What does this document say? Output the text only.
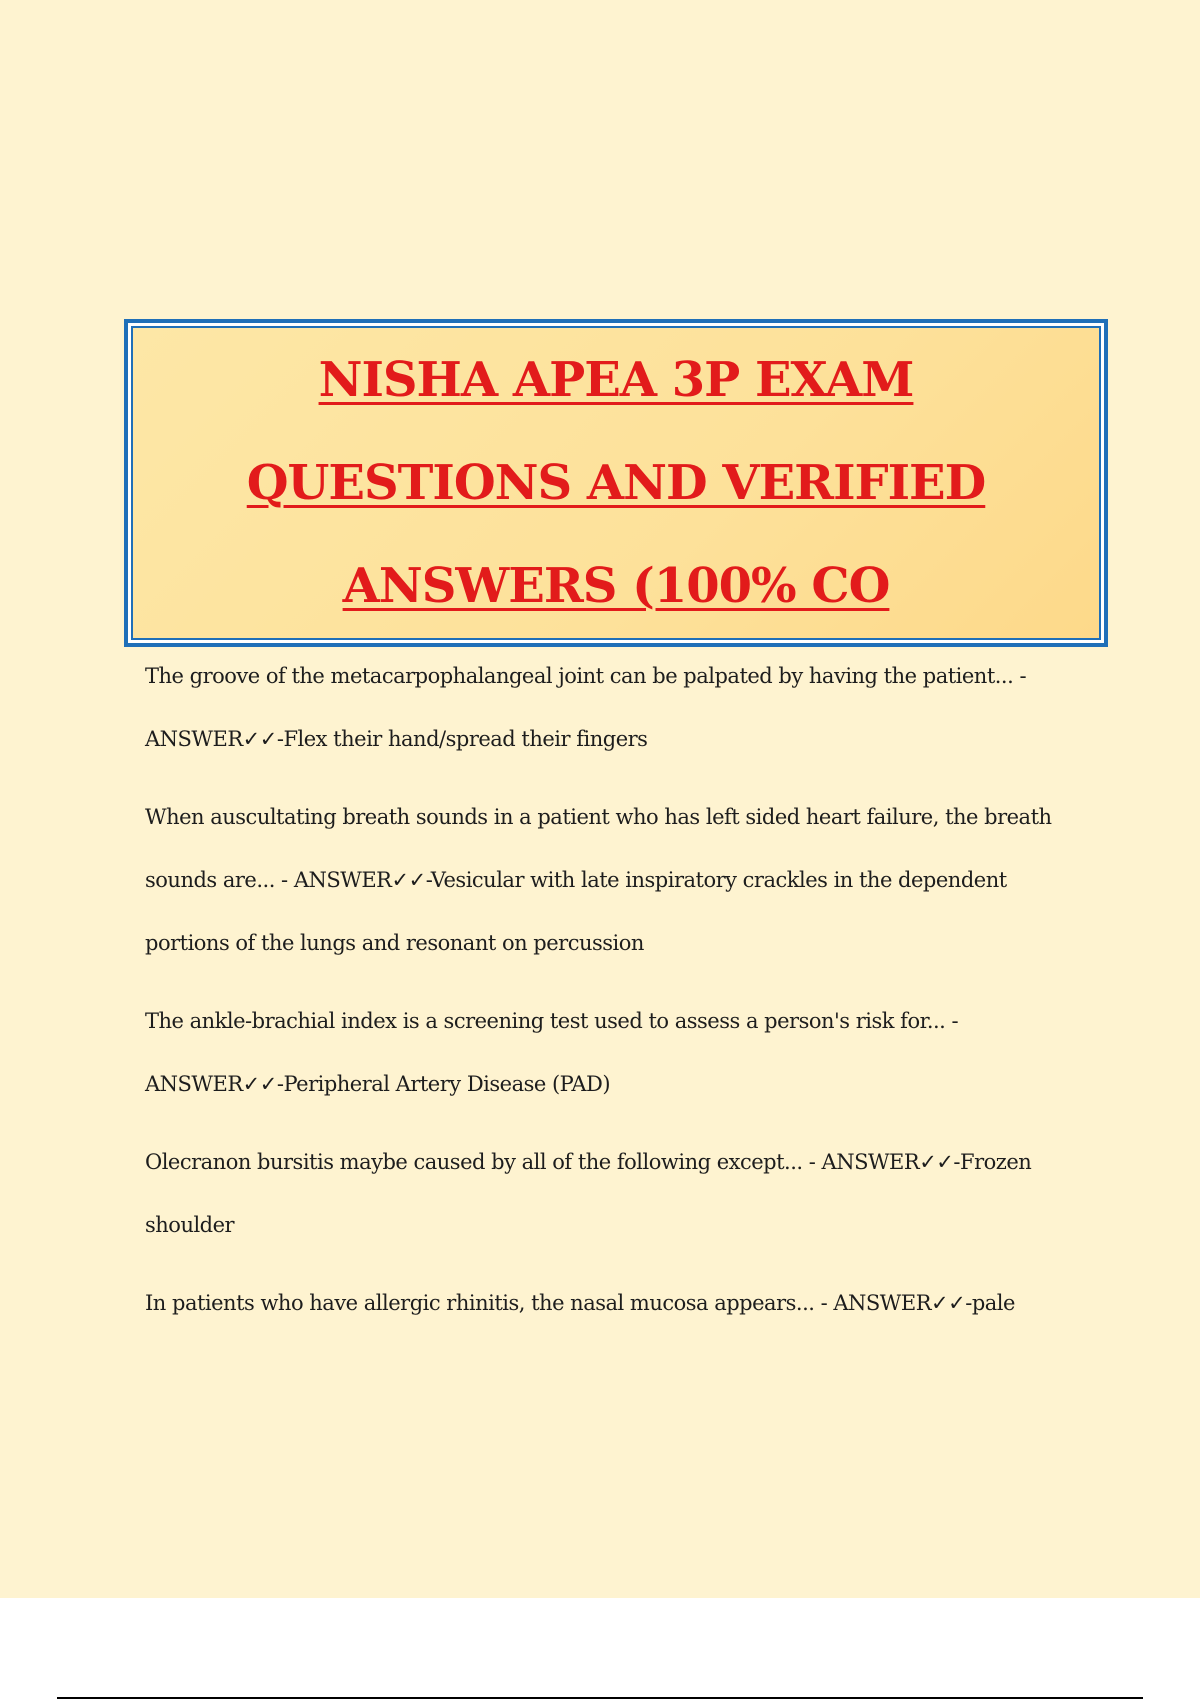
NISHA APEA 3P EXAM
QUESTIONS AND VERIFIED
ANSWERS (100% CO

The groove of the metacarpophalangeal joint can be palpated by having the patient... - ANSWER✓✓-Flex their hand/spread their fingers

When auscultating breath sounds in a patient who has left sided heart failure, the breath sounds are... - ANSWER✓✓-Vesicular with late inspiratory crackles in the dependent portions of the lungs and resonant on percussion

The ankle-brachial index is a screening test used to assess a person's risk for... - ANSWER✓✓-Peripheral Artery Disease (PAD)

Olecranon bursitis maybe caused by all of the following except... - ANSWER✓✓-Frozen shoulder

In patients who have allergic rhinitis, the nasal mucosa appears... - ANSWER✓✓-pale
